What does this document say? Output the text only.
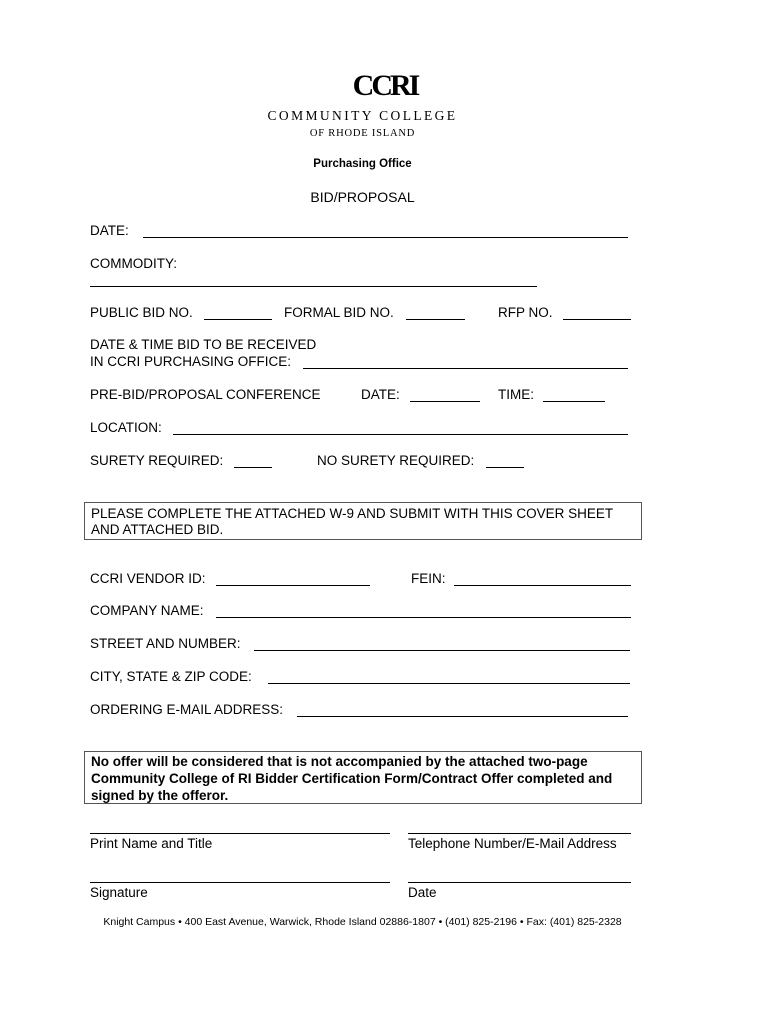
CCRI
COMMUNITY COLLEGE
OF RHODE ISLAND
Purchasing Office
BID/PROPOSAL
DATE:
COMMODITY:
PUBLIC BID NO.	FORMAL BID NO.	RFP NO.
DATE & TIME BID TO BE RECEIVED
IN CCRI PURCHASING OFFICE:
PRE-BID/PROPOSAL CONFERENCE	DATE:	TIME:
LOCATION:
SURETY REQUIRED:	NO SURETY REQUIRED:
PLEASE COMPLETE THE ATTACHED W-9 AND SUBMIT WITH THIS COVER SHEET AND ATTACHED BID.
CCRI VENDOR ID:	FEIN:
COMPANY NAME:
STREET AND NUMBER:
CITY, STATE & ZIP CODE:
ORDERING E-MAIL ADDRESS:
No offer will be considered that is not accompanied by the attached two-page Community College of RI Bidder Certification Form/Contract Offer completed and signed by the offeror.
Print Name and Title	Telephone Number/E-Mail Address
Signature	Date
Knight Campus • 400 East Avenue, Warwick, Rhode Island 02886-1807 • (401) 825-2196 • Fax: (401) 825-2328
